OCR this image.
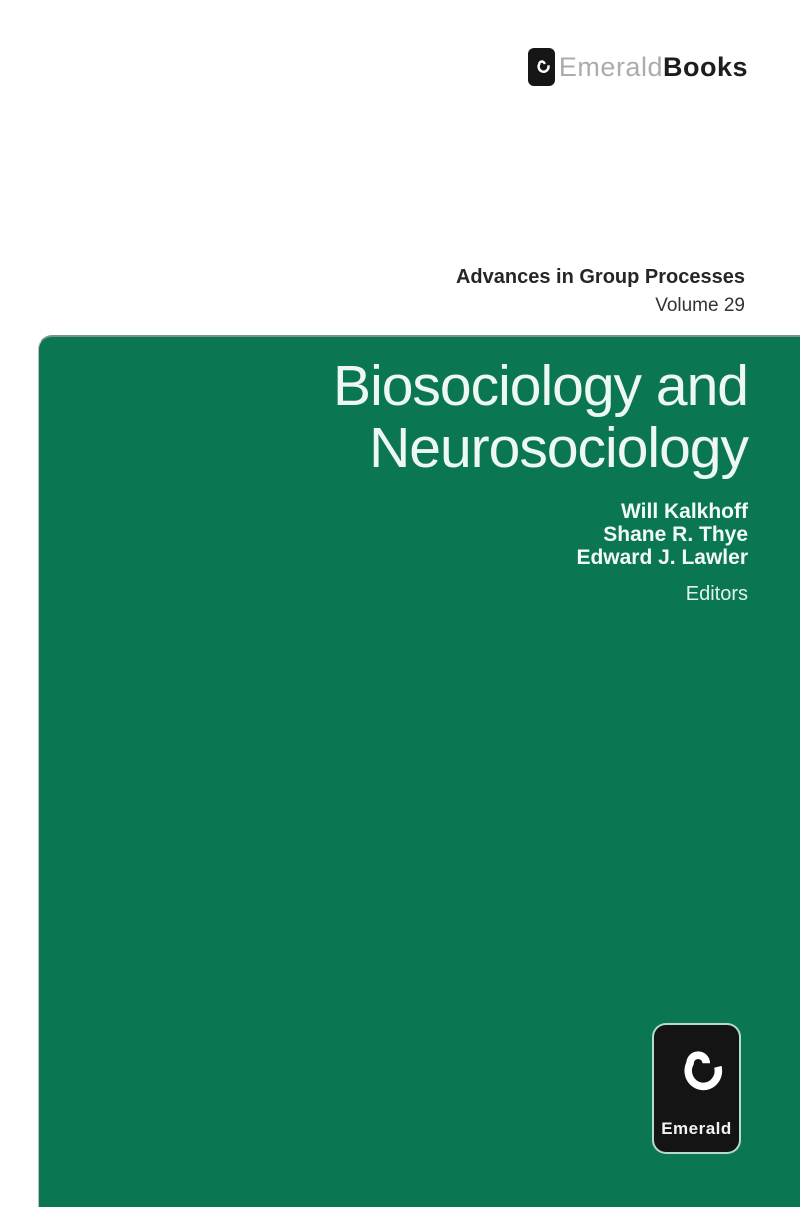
EmeraldBooks
Advances in Group Processes
Volume 29
Biosociology and
Neurosociology
Will Kalkhoff
Shane R. Thye
Edward J. Lawler
Editors
Emerald
